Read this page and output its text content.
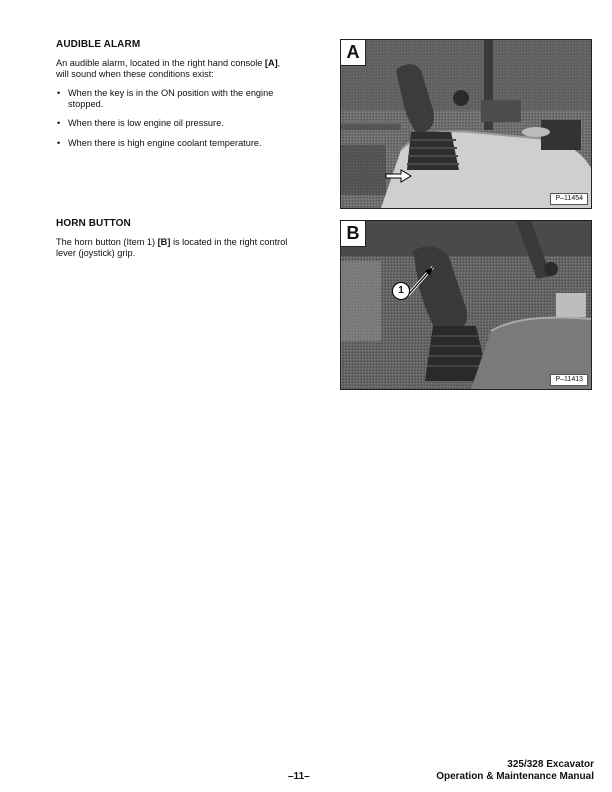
AUDIBLE ALARM
An audible alarm, located in the right hand console [A],
will sound when these conditions exist:
• When the key is in the ON position with the engine stopped.
• When there is low engine oil pressure.
• When there is high engine coolant temperature.
HORN BUTTON
The horn button (Item 1) [B] is located in the right control lever (joystick) grip.
A
P–11454
1
B
P–11413
–11–
325/328 Excavator
Operation & Maintenance Manual
